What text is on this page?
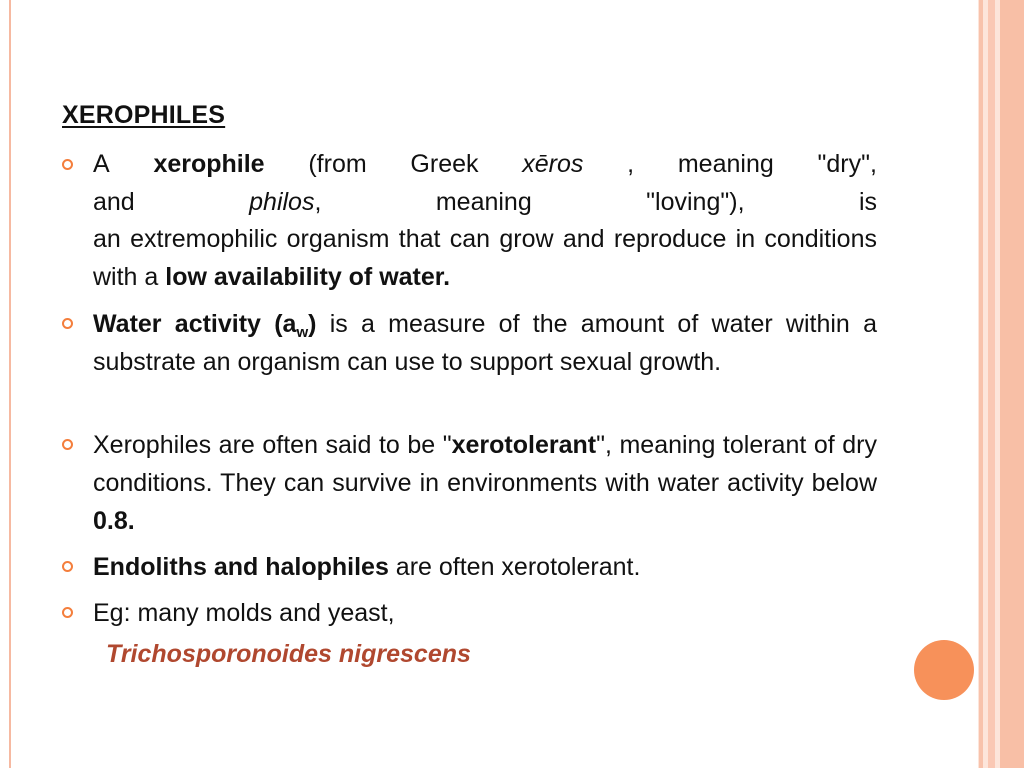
XEROPHILES
A xerophile (from Greek xēros , meaning "dry",
and	philos,	meaning	"loving"),	is
an extremophilic organism that can grow and reproduce in conditions with a low availability of water.
Water activity $(a_w)$ is a measure of the amount of water within a substrate an organism can use to support sexual growth.
Xerophiles are often said to be "xerotolerant", meaning tolerant of dry conditions. They can survive in environments with water activity below 0.8.
Endoliths and halophiles are often xerotolerant.
Eg: many molds and yeast,
Trichosporonoides nigrescens
